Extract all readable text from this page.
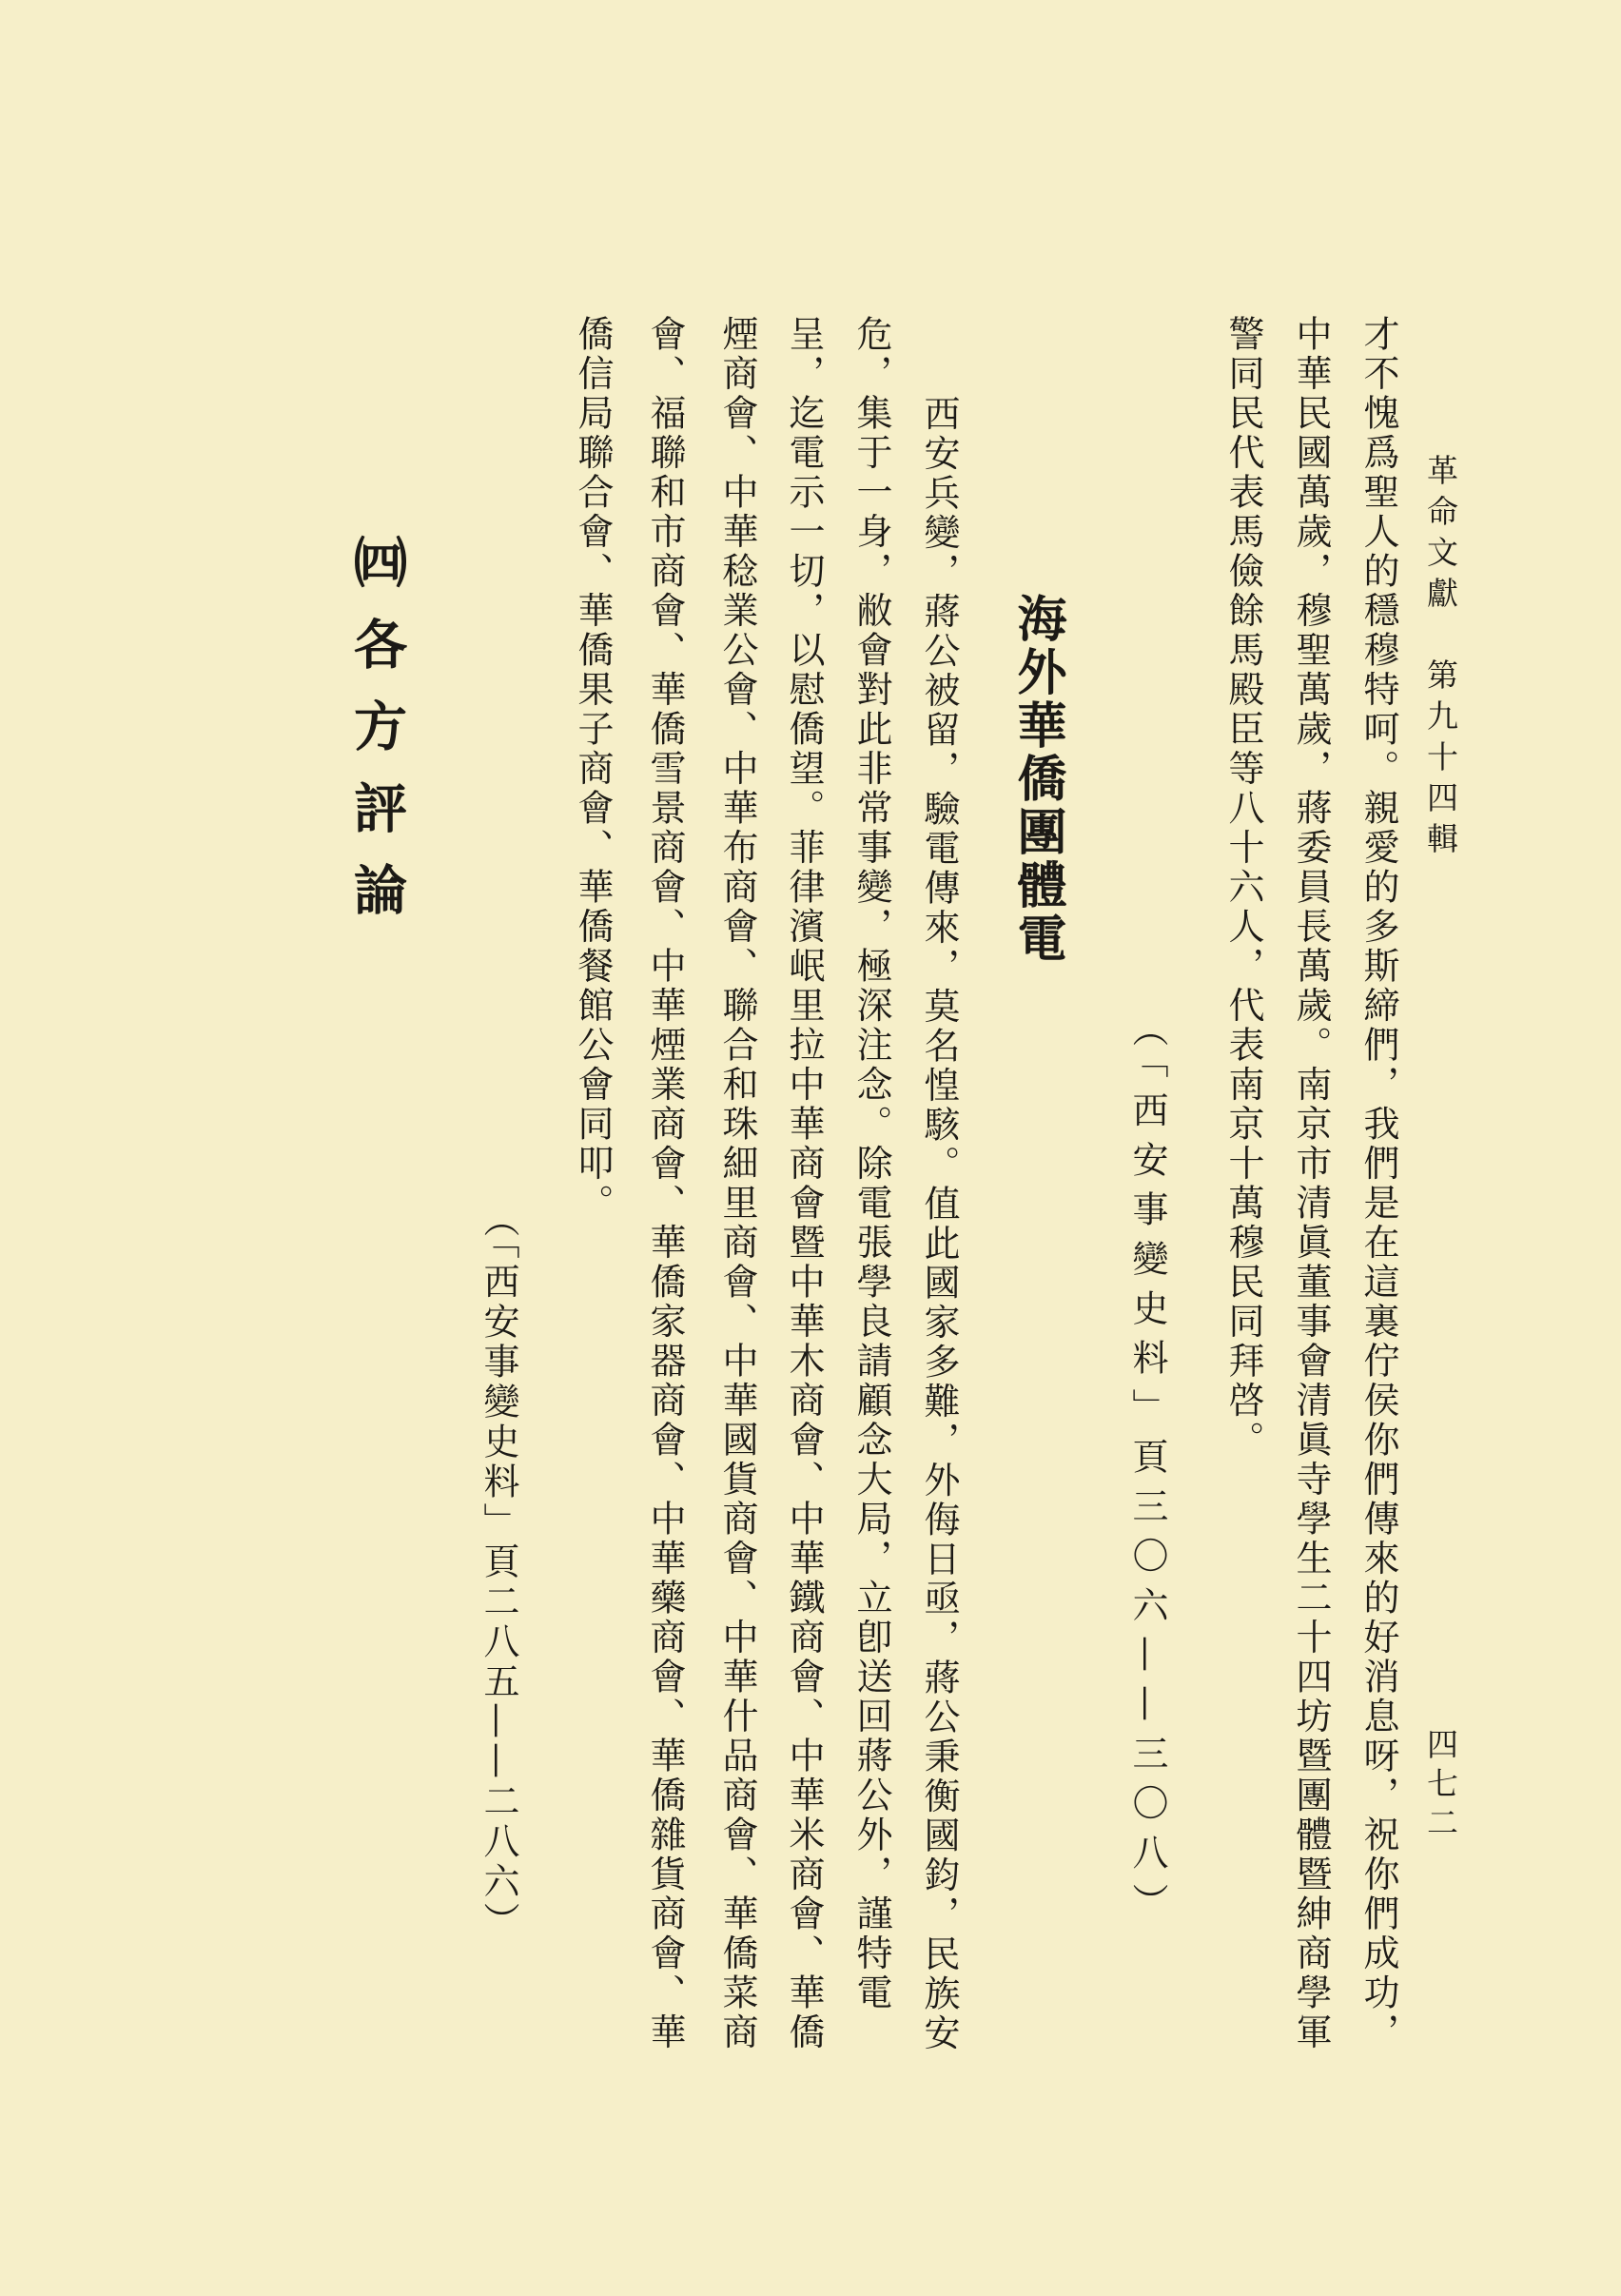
革命文獻　第九十四輯
四七二
才不愧爲聖人的穩穆特呵。親愛的多斯締們，我們是在這裏佇侯你們傳來的好消息呀，祝你們成功，
中華民國萬歲，穆聖萬歲，蔣委員長萬歲。南京市清眞董事會清眞寺學生二十四坊暨團體暨紳商學軍
警同民代表馬儉餘馬殿臣等八十六人，代表南京十萬穆民同拜啓。
（「西安事變史料」頁三〇六——三〇八）
海外華僑團體電
西安兵變，蔣公被留，驗電傳來，莫名惶駭。值此國家多難，外侮日亟，蔣公秉衡國鈞，民族安
危，集于一身，敝會對此非常事變，極深注念。除電張學良請顧念大局，立卽送回蔣公外，謹特電
呈，迄電示一切，以慰僑望。菲律濱岷里拉中華商會暨中華木商會、中華鐵商會、中華米商會、華僑
煙商會、中華稔業公會、中華布商會、聯合和珠細里商會、中華國貨商會、中華什品商會、華僑菜商
會、福聯和市商會、華僑雪景商會、中華煙業商會、華僑家器商會、中華藥商會、華僑雜貨商會、華
僑信局聯合會、華僑果子商會、華僑餐館公會同叩。
（「西安事變史料」頁二八五——二八六）
㈣各方評論
